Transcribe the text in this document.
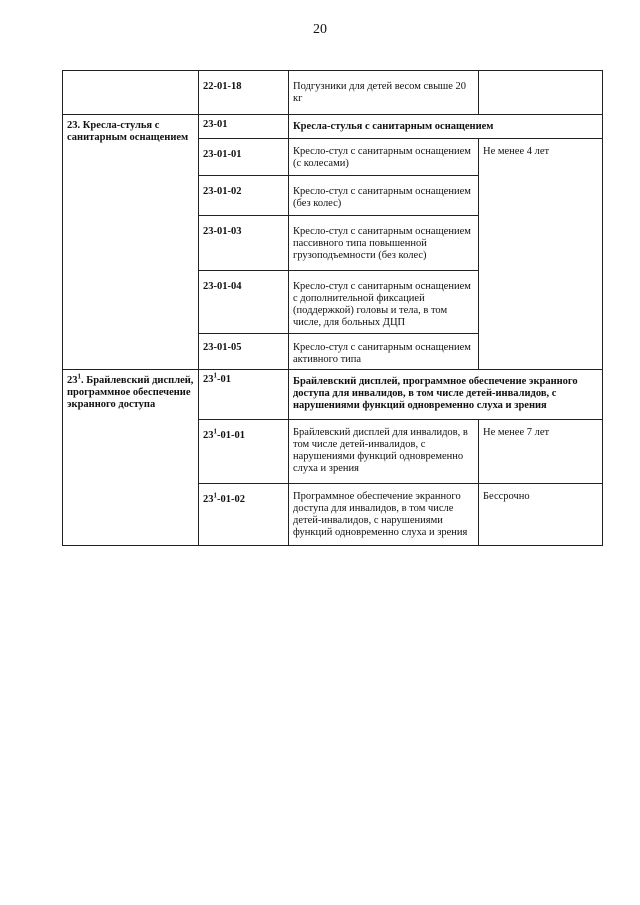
20
	22-01-18	Подгузники для детей весом свыше 20 кг	
23. Кресла-стулья с санитарным оснащением	23-01	Кресла-стулья с санитарным оснащением	
	23-01-01	Кресло-стул с санитарным оснащением (с колесами)	Не менее 4 лет
	23-01-02	Кресло-стул с санитарным оснащением (без колес)	
	23-01-03	Кресло-стул с санитарным оснащением пассивного типа повышенной грузоподъемности (без колес)	
	23-01-04	Кресло-стул с санитарным оснащением с дополнительной фиксацией (поддержкой) головы и тела, в том числе, для больных ДЦП	
	23-01-05	Кресло-стул с санитарным оснащением активного типа	
$23^1$. Брайлевский дисплей, программное обеспечение экранного доступа	$23^1-01$	Брайлевский дисплей, программное обеспечение экранного доступа для инвалидов, в том числе детей-инвалидов, с нарушениями функций одновременно слуха и зрения	
	$23^1-01-01$	Брайлевский дисплей для инвалидов, в том числе детей-инвалидов, с нарушениями функций одновременно слуха и зрения	Не менее 7 лет
	$23^1-01-02$	Программное обеспечение экранного доступа для инвалидов, в том числе детей-инвалидов, с нарушениями функций одновременно слуха и зрения	Бессрочно
